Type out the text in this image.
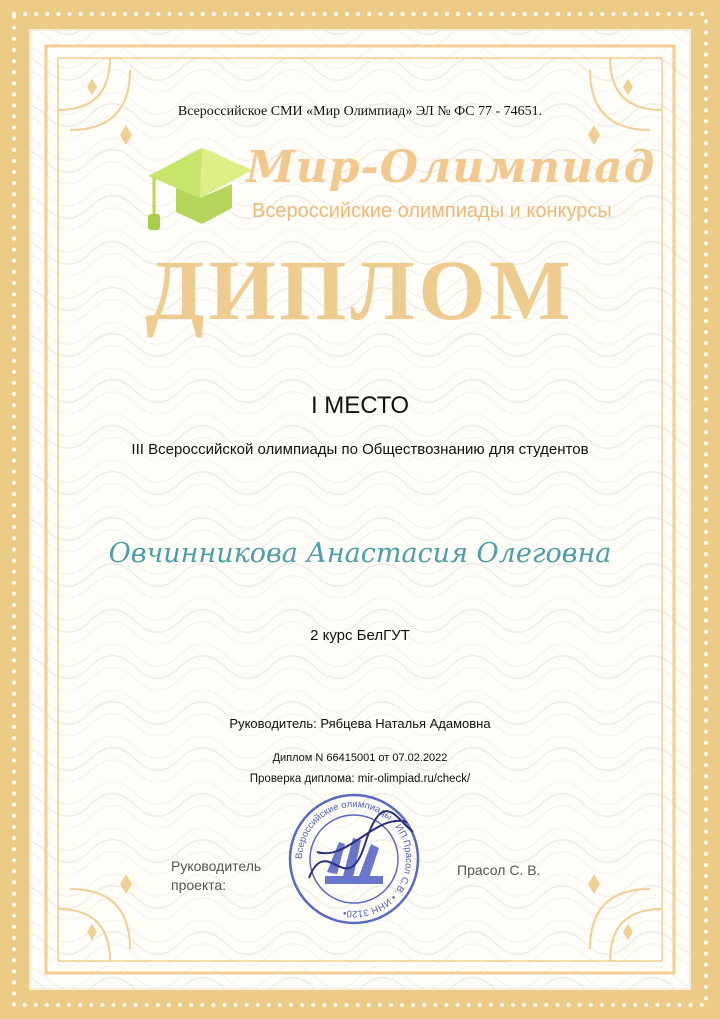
Всероссийское СМИ «Мир Олимпиад» ЭЛ № ФС 77 - 74651.
Мир-Олимпиад
Всероссийские олимпиады и конкурсы
ДИПЛОМ
I МЕСТО
III Всероссийской олимпиады по Обществознанию для студентов
Овчинникова Анастасия Олеговна
2 курс БелГУТ
Руководитель: Рябцева Наталья Адамовна
Диплом N 66415001 от 07.02.2022
Проверка диплома: mir-olimpiad.ru/check/
Руководитель
проекта:
Всероссийские олимпиады • ИП Прасол С.В. • ИНН 3120•
Прасол С. В.
